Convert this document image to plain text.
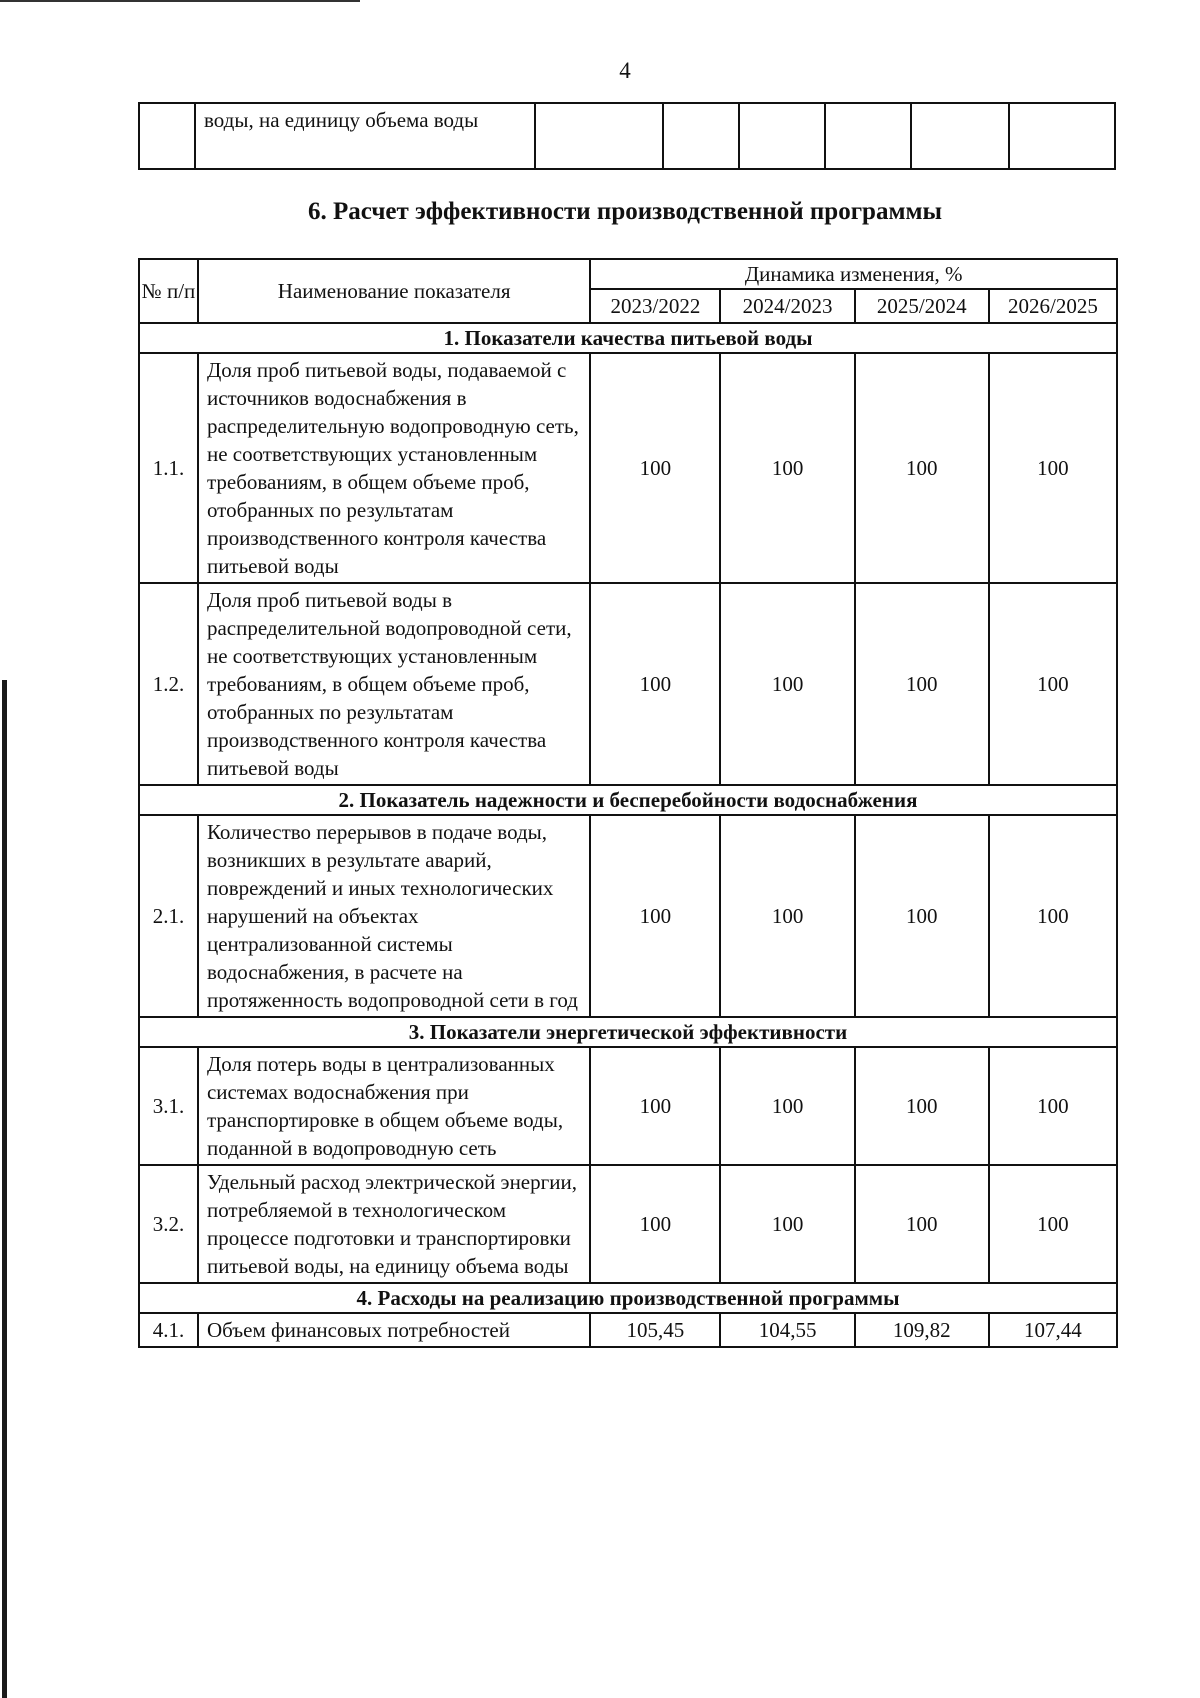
4
	воды, на единицу объема воды						
6. Расчет эффективности производственной программы
№ п/п	Наименование показателя	Динамика изменения, %			
		2023/2022	2024/2023	2025/2024	2026/2025
1. Показатели качества питьевой воды					
1.1.	Доля проб питьевой воды, подаваемой с источников водоснабжения в распределительную водопроводную сеть, не соответствующих установленным требованиям, в общем объеме проб, отобранных по результатам производственного контроля качества питьевой воды	100	100	100	100
1.2.	Доля проб питьевой воды в распределительной водопроводной сети, не соответствующих установленным требованиям, в общем объеме проб, отобранных по результатам производственного контроля качества питьевой воды	100	100	100	100
2. Показатель надежности и бесперебойности водоснабжения					
2.1.	Количество перерывов в подаче воды, возникших в результате аварий, повреждений и иных технологических нарушений на объектах централизованной системы водоснабжения, в расчете на протяженность водопроводной сети в год	100	100	100	100
3. Показатели энергетической эффективности					
3.1.	Доля потерь воды в централизованных системах водоснабжения при транспортировке в общем объеме воды, поданной в водопроводную сеть	100	100	100	100
3.2.	Удельный расход электрической энергии, потребляемой в технологическом процессе подготовки и транспортировки питьевой воды, на единицу объема воды	100	100	100	100
4. Расходы на реализацию производственной программы					
4.1.	Объем финансовых потребностей	105,45	104,55	109,82	107,44
